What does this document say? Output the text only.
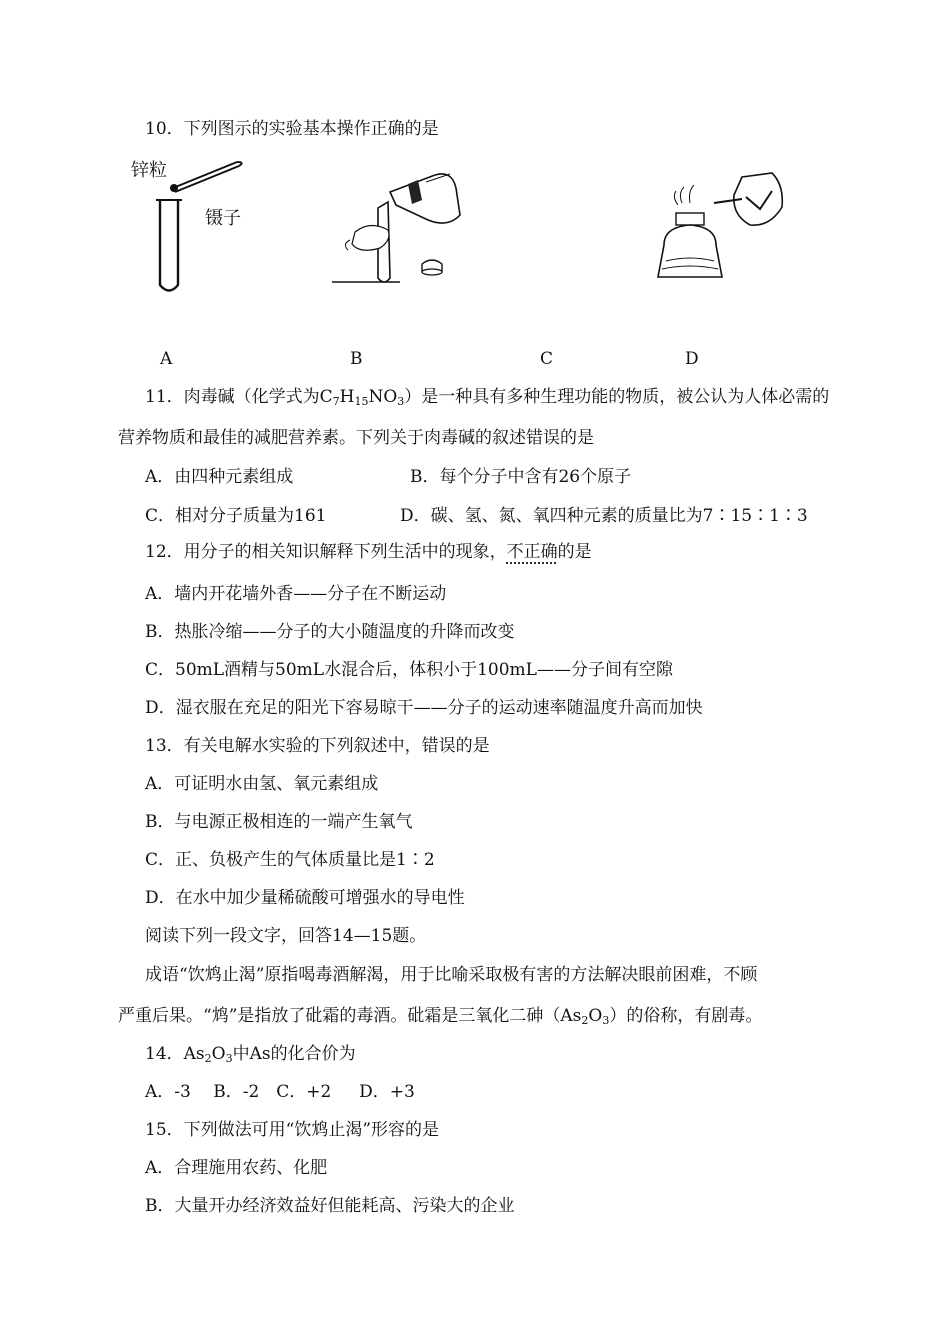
10．下列图示的实验基本操作正确的是
锌粒
镊子
A	B	C	D
11．肉毒碱（化学式为$C_7H_{15}NO_3$）是一种具有多种生理功能的物质，被公认为人体必需的
营养物质和最佳的减肥营养素。下列关于肉毒碱的叙述错误的是
A．由四种元素组成	B．每个分子中含有26个原子
C．相对分子质量为161	D．碳、氢、氮、氧四种元素的质量比为7∶15∶1∶3
12．用分子的相关知识解释下列生活中的现象，不正确的是
A．墙内开花墙外香——分子在不断运动
B．热胀冷缩——分子的大小随温度的升降而改变
C．50mL酒精与50mL水混合后，体积小于100mL——分子间有空隙
D．湿衣服在充足的阳光下容易晾干——分子的运动速率随温度升高而加快
13．有关电解水实验的下列叙述中，错误的是
A．可证明水由氢、氧元素组成
B．与电源正极相连的一端产生氧气
C．正、负极产生的气体质量比是1∶2
D．在水中加少量稀硫酸可增强水的导电性
阅读下列一段文字，回答14—15题。
成语“饮鸩止渴”原指喝毒酒解渴，用于比喻采取极有害的方法解决眼前困难，不顾
严重后果。“鸩”是指放了砒霜的毒酒。砒霜是三氧化二砷$(As_2O_3)$的俗称，有剧毒。
14．$As_2O_3$中As的化合价为
A．-3　 B．-2　C．+2　  D．+3
15．下列做法可用“饮鸩止渴”形容的是
A．合理施用农药、化肥
B．大量开办经济效益好但能耗高、污染大的企业
